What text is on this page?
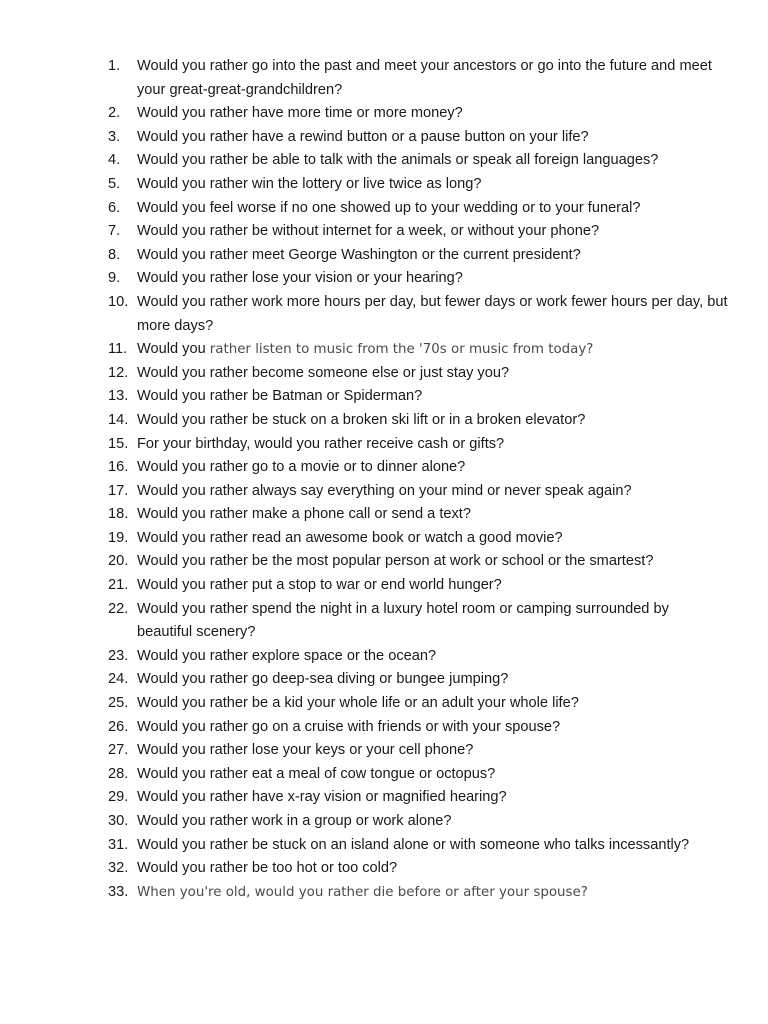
1.	Would you rather go into the past and meet your ancestors or go into the future and meet your great-great-grandchildren?
2.	Would you rather have more time or more money?
3.	Would you rather have a rewind button or a pause button on your life?
4.	Would you rather be able to talk with the animals or speak all foreign languages?
5.	Would you rather win the lottery or live twice as long?
6.	Would you feel worse if no one showed up to your wedding or to your funeral?
7.	Would you rather be without internet for a week, or without your phone?
8.	Would you rather meet George Washington or the current president?
9.	Would you rather lose your vision or your hearing?
10. Would you rather work more hours per day, but fewer days or work fewer hours per day, but more days?
11. Would you rather listen to music from the '70s or music from today?
12. Would you rather become someone else or just stay you?
13. Would you rather be Batman or Spiderman?
14. Would you rather be stuck on a broken ski lift or in a broken elevator?
15. For your birthday, would you rather receive cash or gifts?
16. Would you rather go to a movie or to dinner alone?
17. Would you rather always say everything on your mind or never speak again?
18. Would you rather make a phone call or send a text?
19. Would you rather read an awesome book or watch a good movie?
20. Would you rather be the most popular person at work or school or the smartest?
21. Would you rather put a stop to war or end world hunger?
22. Would you rather spend the night in a luxury hotel room or camping surrounded by beautiful scenery?
23. Would you rather explore space or the ocean?
24. Would you rather go deep-sea diving or bungee jumping?
25. Would you rather be a kid your whole life or an adult your whole life?
26. Would you rather go on a cruise with friends or with your spouse?
27. Would you rather lose your keys or your cell phone?
28. Would you rather eat a meal of cow tongue or octopus?
29. Would you rather have x-ray vision or magnified hearing?
30. Would you rather work in a group or work alone?
31. Would you rather be stuck on an island alone or with someone who talks incessantly?
32. Would you rather be too hot or too cold?
33. When you're old, would you rather die before or after your spouse?
